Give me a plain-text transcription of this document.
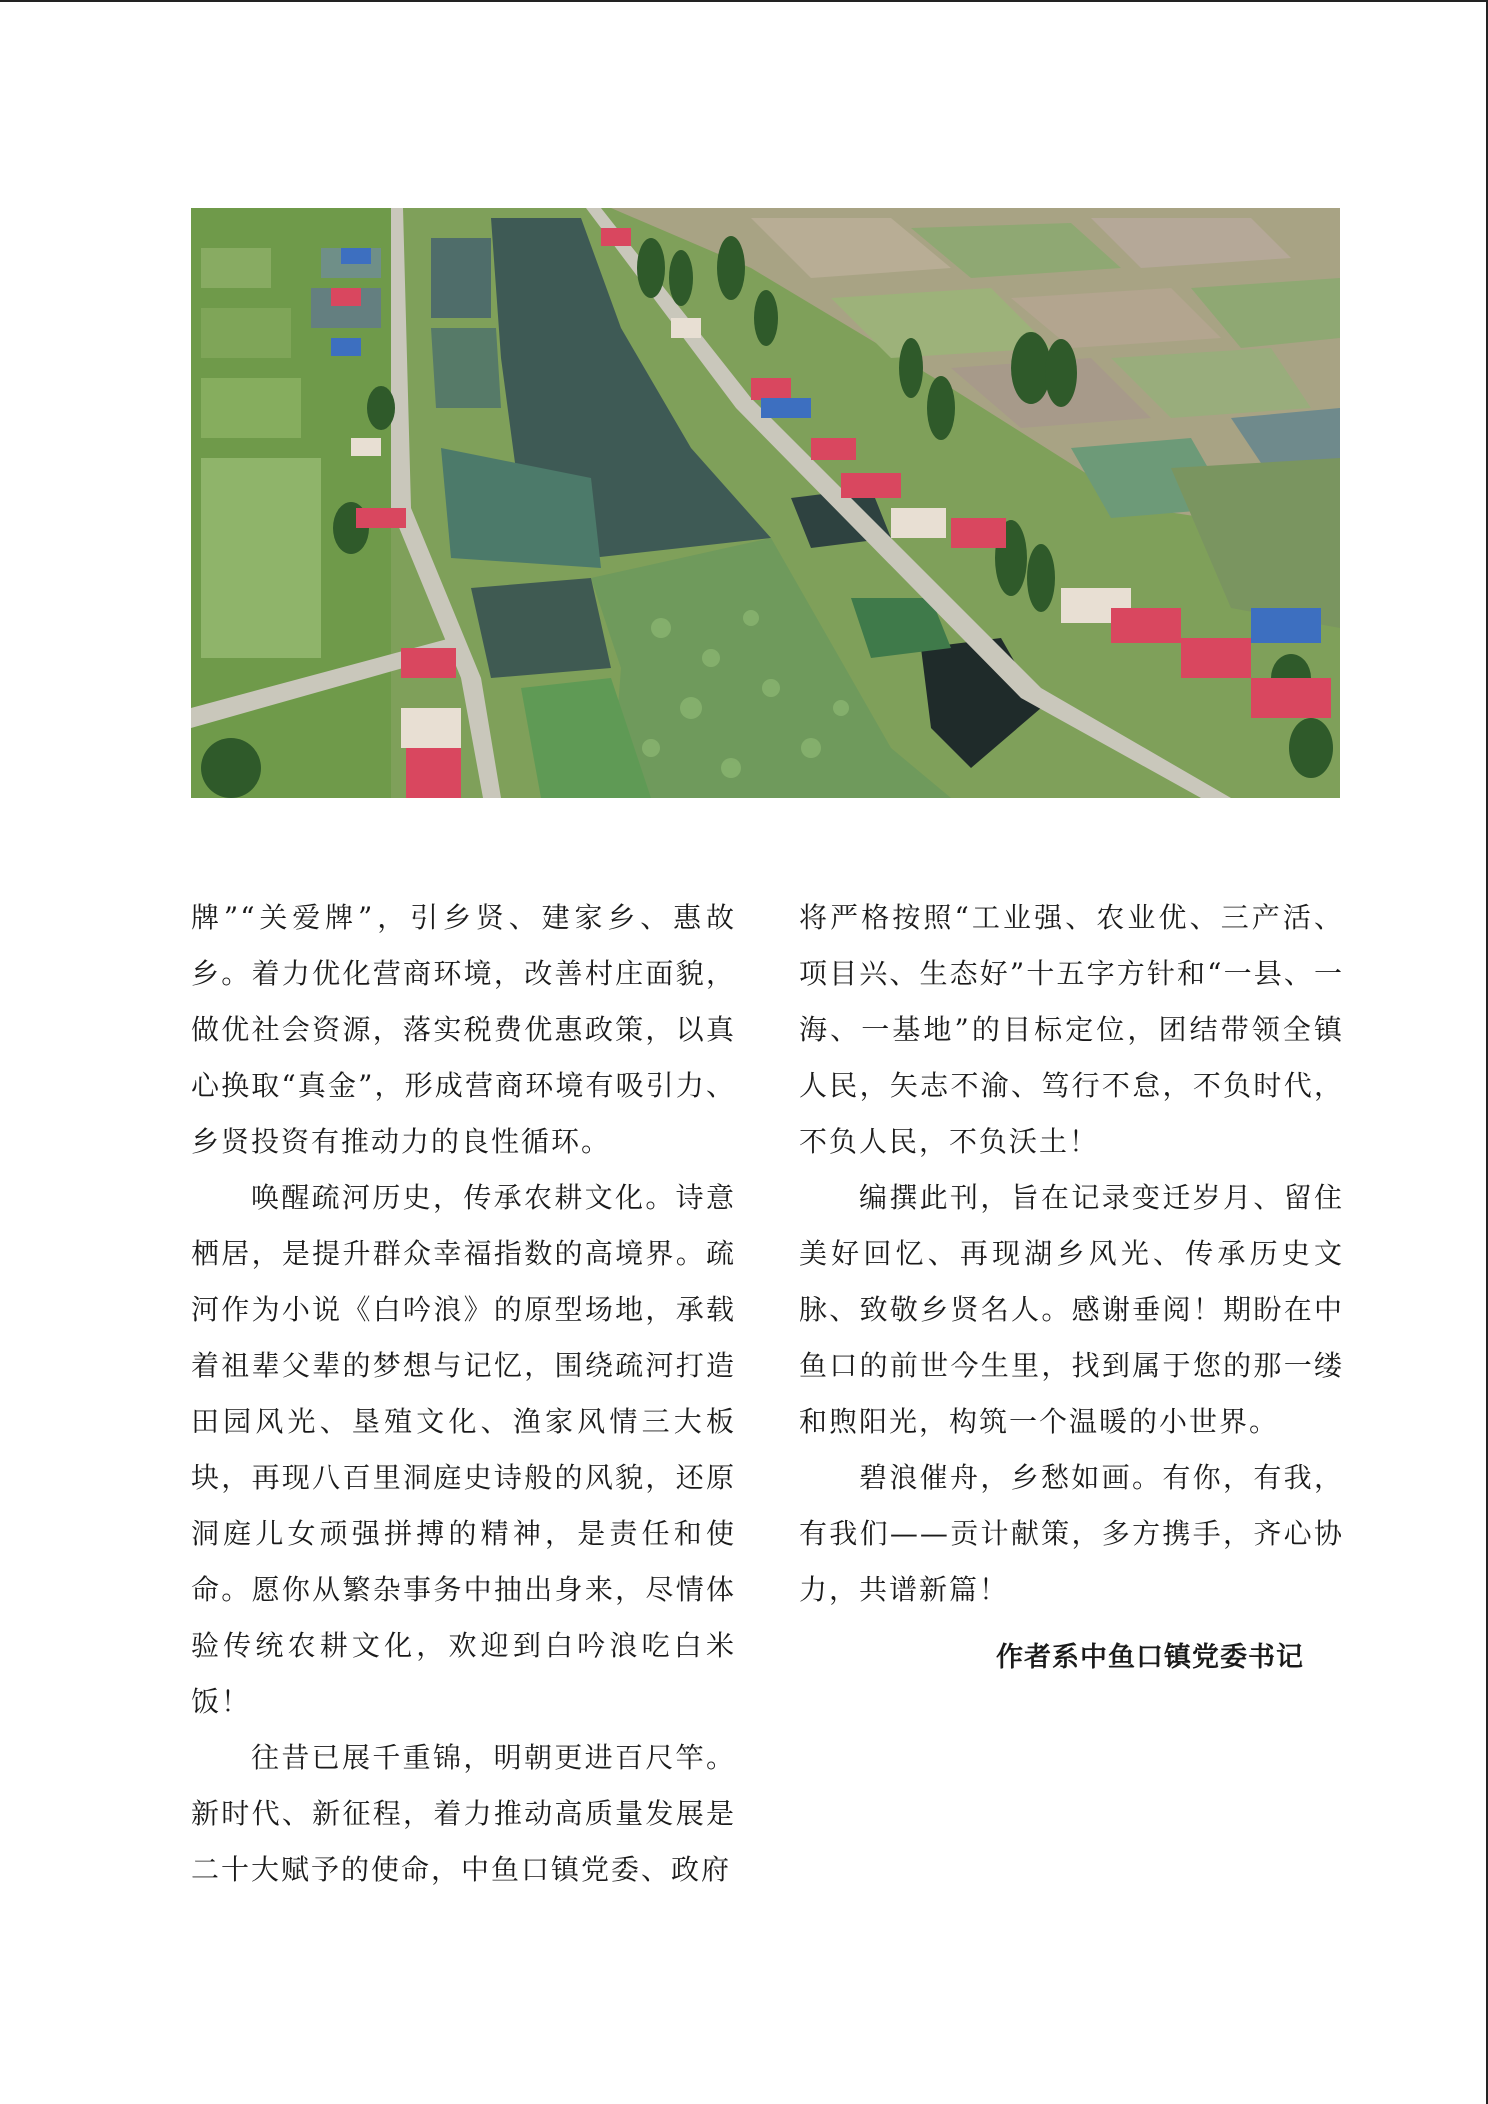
牌”“关爱牌”，引乡贤、建家乡、惠故乡。着力优化营商环境，改善村庄面貌，做优社会资源，落实税费优惠政策，以真心换取“真金”，形成营商环境有吸引力、乡贤投资有推动力的良性循环。

唤醒疏河历史，传承农耕文化。诗意栖居，是提升群众幸福指数的高境界。疏河作为小说《白吟浪》的原型场地，承载着祖辈父辈的梦想与记忆，围绕疏河打造田园风光、垦殖文化、渔家风情三大板块，再现八百里洞庭史诗般的风貌，还原洞庭儿女顽强拼搏的精神，是责任和使命。愿你从繁杂事务中抽出身来，尽情体验传统农耕文化，欢迎到白吟浪吃白米饭！

往昔已展千重锦，明朝更进百尺竿。新时代、新征程，着力推动高质量发展是二十大赋予的使命，中鱼口镇党委、政府

将严格按照“工业强、农业优、三产活、项目兴、生态好”十五字方针和“一县、一海、一基地”的目标定位，团结带领全镇人民，矢志不渝、笃行不怠，不负时代，不负人民，不负沃土！

编撰此刊，旨在记录变迁岁月、留住美好回忆、再现湖乡风光、传承历史文脉、致敬乡贤名人。感谢垂阅！期盼在中鱼口的前世今生里，找到属于您的那一缕和煦阳光，构筑一个温暖的小世界。

碧浪催舟，乡愁如画。有你，有我，有我们——贡计献策，多方携手，齐心协力，共谱新篇！

作者系中鱼口镇党委书记
